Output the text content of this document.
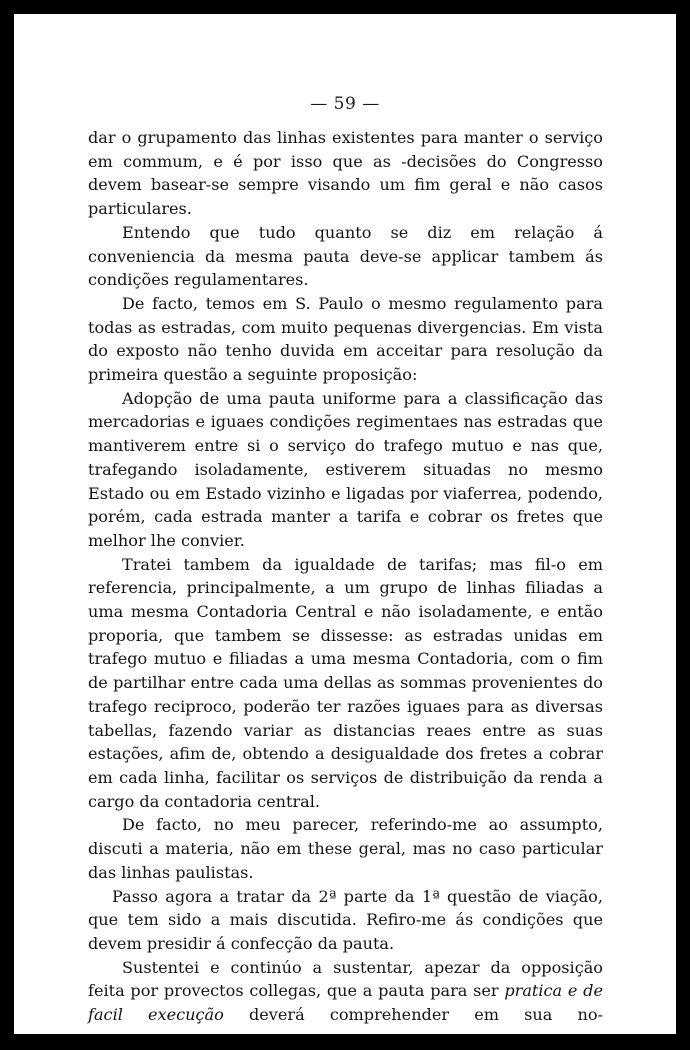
— 59 —

dar o grupamento das linhas existentes para manter o serviço em commum, e é por isso que as -decisões do Congresso devem basear-se sempre visando um fim geral e não casos particulares.

Entendo que tudo quanto se diz em relação á conveniencia da mesma pauta deve-se applicar tambem ás condições regulamentares.

De facto, temos em S. Paulo o mesmo regulamento para todas as estradas, com muito pequenas divergencias. Em vista do exposto não tenho duvida em acceitar para resolução da primeira questão a seguinte proposição:

Adopção de uma pauta uniforme para a classificação das mercadorias e iguaes condições regimentaes nas estradas que mantiverem entre si o serviço do trafego mutuo e nas que, trafegando isoladamente, estiverem situadas no mesmo Estado ou em Estado vizinho e ligadas por viaferrea, podendo, porém, cada estrada manter a tarifa e cobrar os fretes que melhor lhe convier.

Tratei tambem da igualdade de tarifas; mas fil-o em referencia, principalmente, a um grupo de linhas filiadas a uma mesma Contadoria Central e não isoladamente, e então proporia, que tambem se dissesse: as estradas unidas em trafego mutuo e filiadas a uma mesma Contadoria, com o fim de partilhar entre cada uma dellas as sommas provenientes do trafego reciproco, poderão ter razões iguaes para as diversas tabellas, fazendo variar as distancias reaes entre as suas estações, afim de, obtendo a desigualdade dos fretes a cobrar em cada linha, facilitar os serviços de distribuição da renda a cargo da contadoria central.

De facto, no meu parecer, referindo-me ao assumpto, discuti a materia, não em these geral, mas no caso particular das linhas paulistas.

Passo agora a tratar da 2ª parte da 1ª questão de viação, que tem sido a mais discutida. Refiro-me ás condições que devem presidir á confecção da pauta.

Sustentei e continúo a sustentar, apezar da opposição feita por provectos collegas, que a pauta para ser pratica e de facil execução deverá comprehender em sua no-
